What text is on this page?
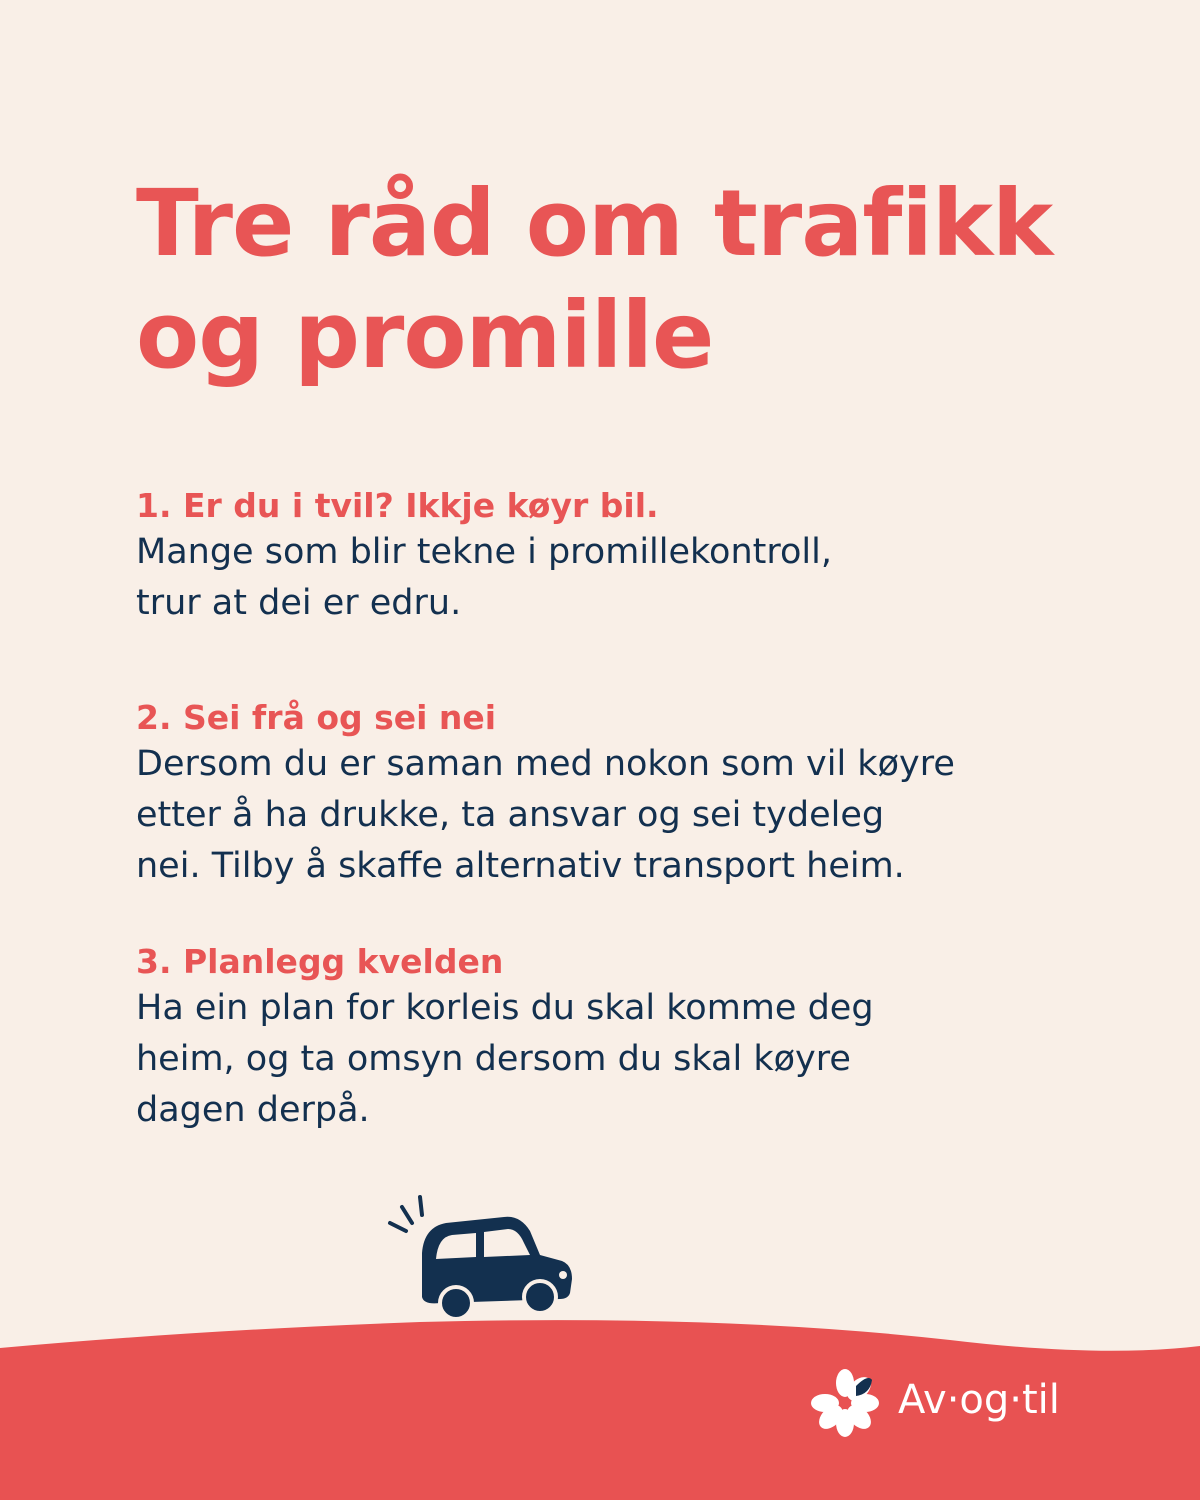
Tre råd om trafikk
og promille
1. Er du i tvil? Ikkje køyr bil.

Mange som blir tekne i promillekontroll,
trur at dei er edru.

2. Sei frå og sei nei

Dersom du er saman med nokon som vil køyre
etter å ha drukke, ta ansvar og sei tydeleg
nei. Tilby å skaffe alternativ transport heim.

3. Planlegg kvelden

Ha ein plan for korleis du skal komme deg
heim, og ta omsyn dersom du skal køyre
dagen derpå.

Av·og·til
